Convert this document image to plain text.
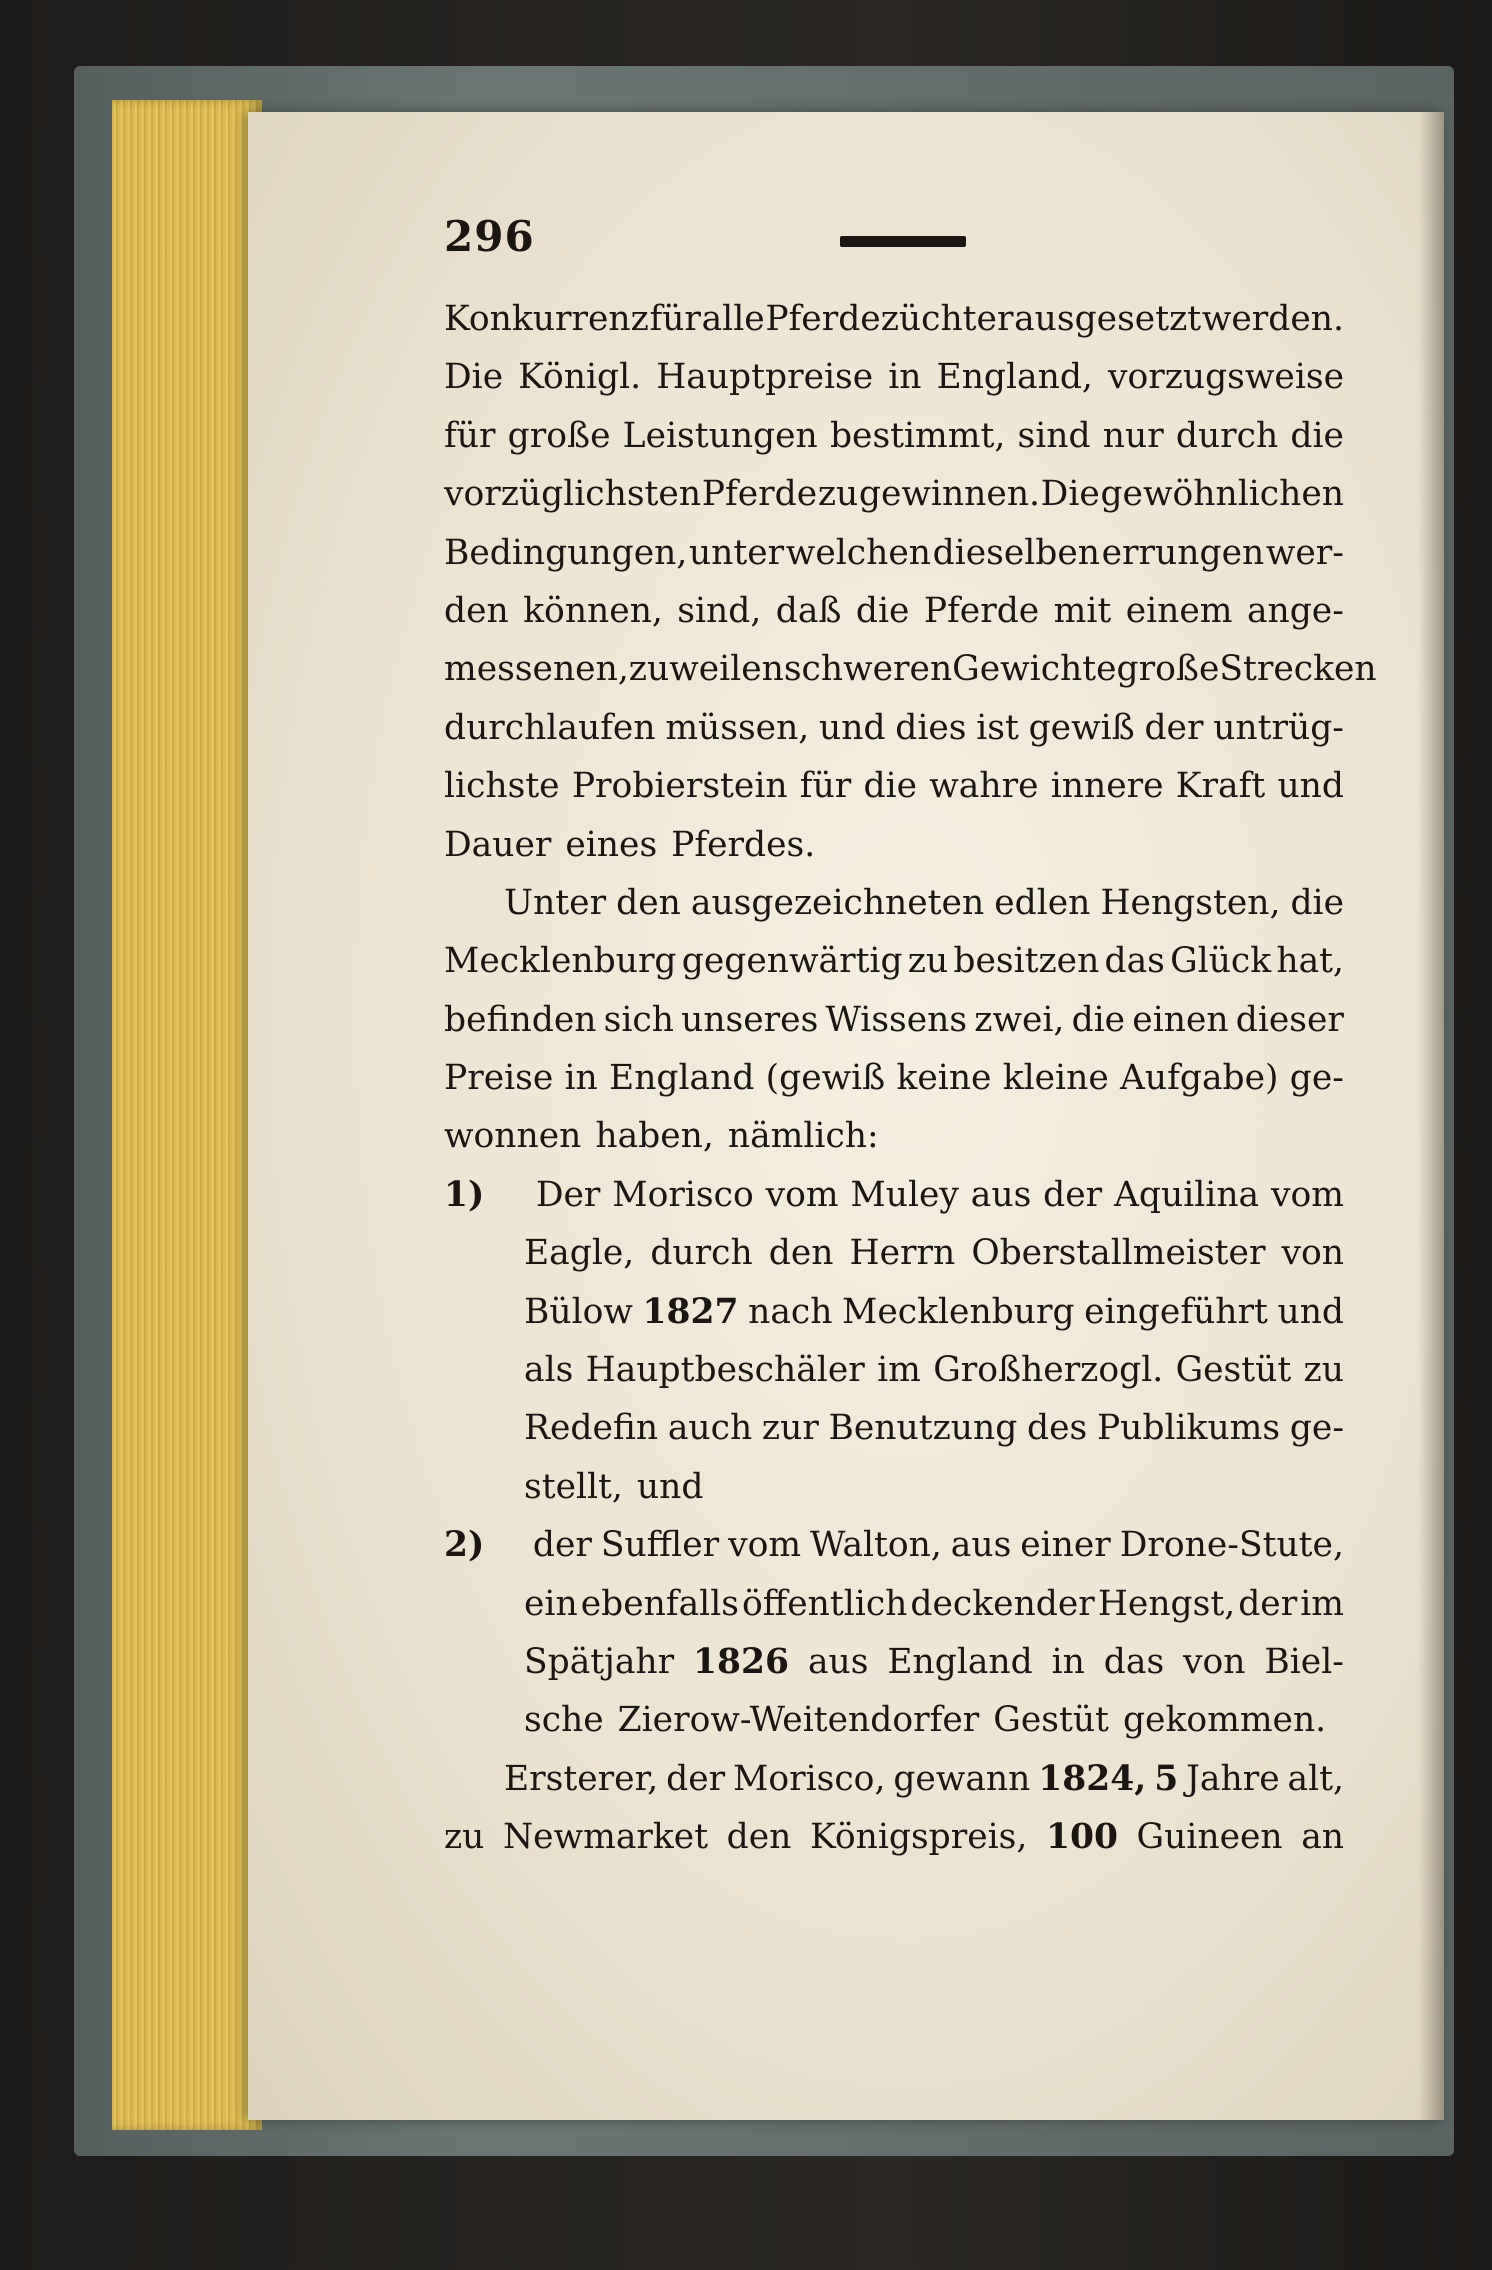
296
Konkurrenz für alle Pferdezüchter ausgesetzt werden.
Die Königl. Hauptpreise in England, vorzugsweise
für große Leistungen bestimmt, sind nur durch die
vorzüglichsten Pferde zu gewinnen. Die gewöhnlichen
Bedingungen, unter welchen dieselben errungen wer-
den können, sind, daß die Pferde mit einem ange-
messenen, zuweilen schweren Gewichte große Strecken
durchlaufen müssen, und dies ist gewiß der untrüg-
lichste Probierstein für die wahre innere Kraft und
Dauer eines Pferdes.
Unter den ausgezeichneten edlen Hengsten, die
Mecklenburg gegenwärtig zu besitzen das Glück hat,
befinden sich unseres Wissens zwei, die einen dieser
Preise in England (gewiß keine kleine Aufgabe) ge-
wonnen haben, nämlich:
1)	Der Morisco vom Muley aus der Aquilina vom
Eagle, durch den Herrn Oberstallmeister von
Bülow 1827 nach Mecklenburg eingeführt und
als Hauptbeschäler im Großherzogl. Gestüt zu
Redefin auch zur Benutzung des Publikums ge-
stellt, und
2)	der Suffler vom Walton, aus einer Drone-Stute,
ein ebenfalls öffentlich deckender Hengst, der im
Spätjahr 1826 aus England in das von Biel-
sche Zierow-Weitendorfer Gestüt gekommen.
Ersterer, der Morisco, gewann 1824, 5 Jahre alt,
zu Newmarket den Königspreis, 100 Guineen an
